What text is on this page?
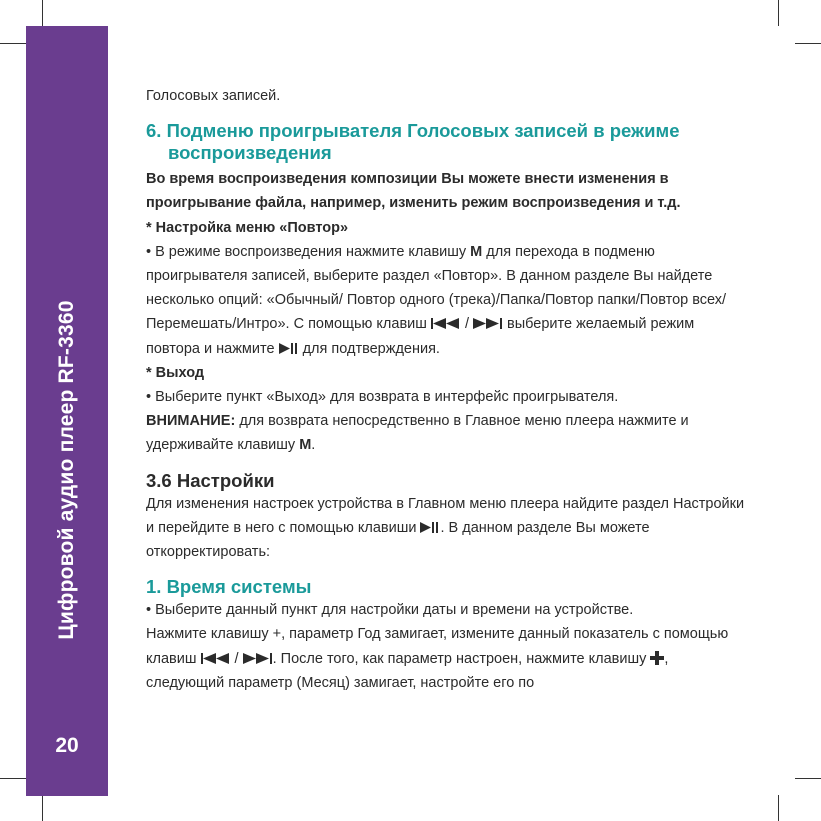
Цифровой аудио плеер RF-3360
20

Голосовых записей.

6. Подменю проигрывателя Голосовых записей в режиме
воспроизведения

Во время воспроизведения композиции Вы можете внести изменения в проигрывание файла, например, изменить режим воспроизведения и т.д.

* Настройка меню «Повтор»

• В режиме воспроизведения нажмите клавишу M для перехода в подменю проигрывателя записей, выберите раздел «Повтор». В данном разделе Вы найдете несколько опций: «Обычный/ Повтор одного (трека)/Папка/Повтор папки/Повтор всех/Перемешать/Интро». С помощью клавиш	/	выберите желаемый режим повтора и нажмите для подтверждения.

* Выход

• Выберите пункт «Выход» для возврата в интерфейс проигрывателя.

ВНИМАНИЕ: для возврата непосредственно в Главное меню плеера нажмите и удерживайте клавишу M.

3.6 Настройки

Для изменения настроек устройства в Главном меню плеера найдите раздел Настройки и перейдите в него с помощью клавиши . В данном разделе Вы можете откорректировать:

1. Время системы

• Выберите данный пункт для настройки даты и времени на устройстве.

Нажмите клавишу +, параметр Год замигает, измените данный показатель с помощью клавиш	/ . После того, как параметр настроен, нажмите клавишу , следующий параметр (Месяц) замигает, настройте его по
